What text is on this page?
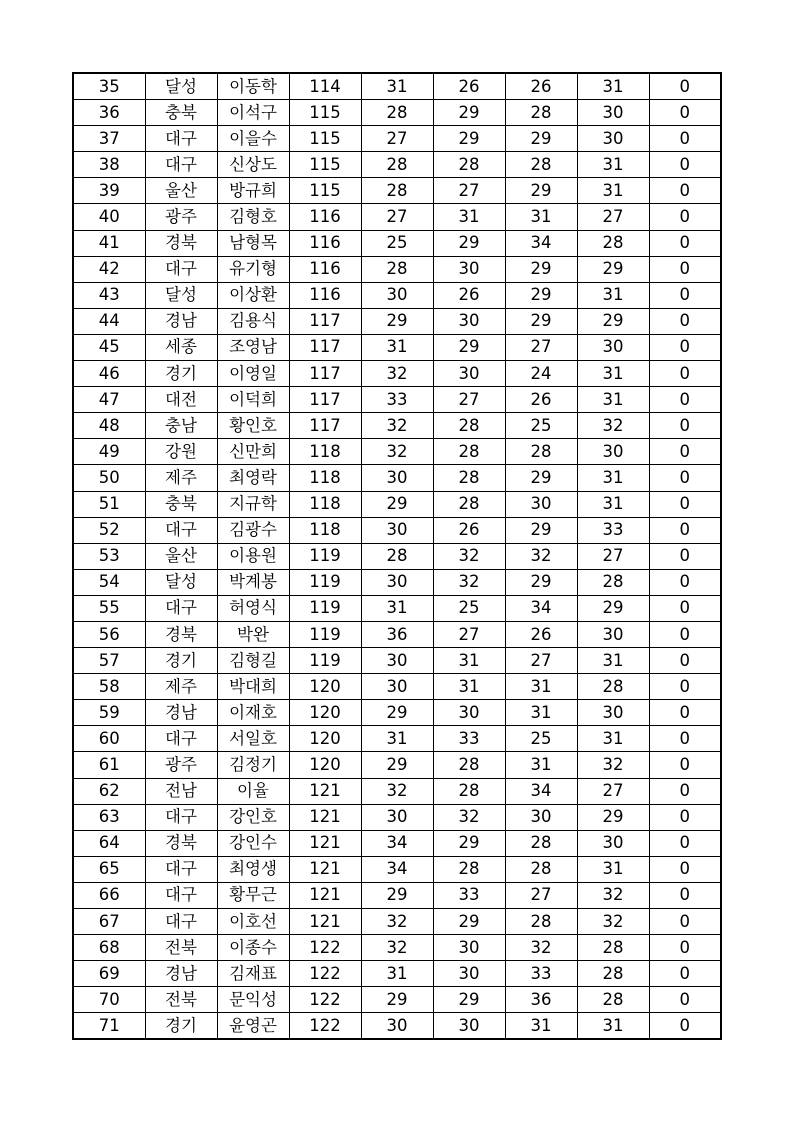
35	달성	이동학	114	31	26	26	31	0
36	충북	이석구	115	28	29	28	30	0
37	대구	이을수	115	27	29	29	30	0
38	대구	신상도	115	28	28	28	31	0
39	울산	방규희	115	28	27	29	31	0
40	광주	김형호	116	27	31	31	27	0
41	경북	남형목	116	25	29	34	28	0
42	대구	유기형	116	28	30	29	29	0
43	달성	이상환	116	30	26	29	31	0
44	경남	김용식	117	29	30	29	29	0
45	세종	조영남	117	31	29	27	30	0
46	경기	이영일	117	32	30	24	31	0
47	대전	이덕희	117	33	27	26	31	0
48	충남	황인호	117	32	28	25	32	0
49	강원	신만희	118	32	28	28	30	0
50	제주	최영락	118	30	28	29	31	0
51	충북	지규학	118	29	28	30	31	0
52	대구	김광수	118	30	26	29	33	0
53	울산	이용원	119	28	32	32	27	0
54	달성	박계봉	119	30	32	29	28	0
55	대구	허영식	119	31	25	34	29	0
56	경북	박완	119	36	27	26	30	0
57	경기	김형길	119	30	31	27	31	0
58	제주	박대희	120	30	31	31	28	0
59	경남	이재호	120	29	30	31	30	0
60	대구	서일호	120	31	33	25	31	0
61	광주	김정기	120	29	28	31	32	0
62	전남	이율	121	32	28	34	27	0
63	대구	강인호	121	30	32	30	29	0
64	경북	강인수	121	34	29	28	30	0
65	대구	최영생	121	34	28	28	31	0
66	대구	황무근	121	29	33	27	32	0
67	대구	이호선	121	32	29	28	32	0
68	전북	이종수	122	32	30	32	28	0
69	경남	김재표	122	31	30	33	28	0
70	전북	문익성	122	29	29	36	28	0
71	경기	윤영곤	122	30	30	31	31	0
